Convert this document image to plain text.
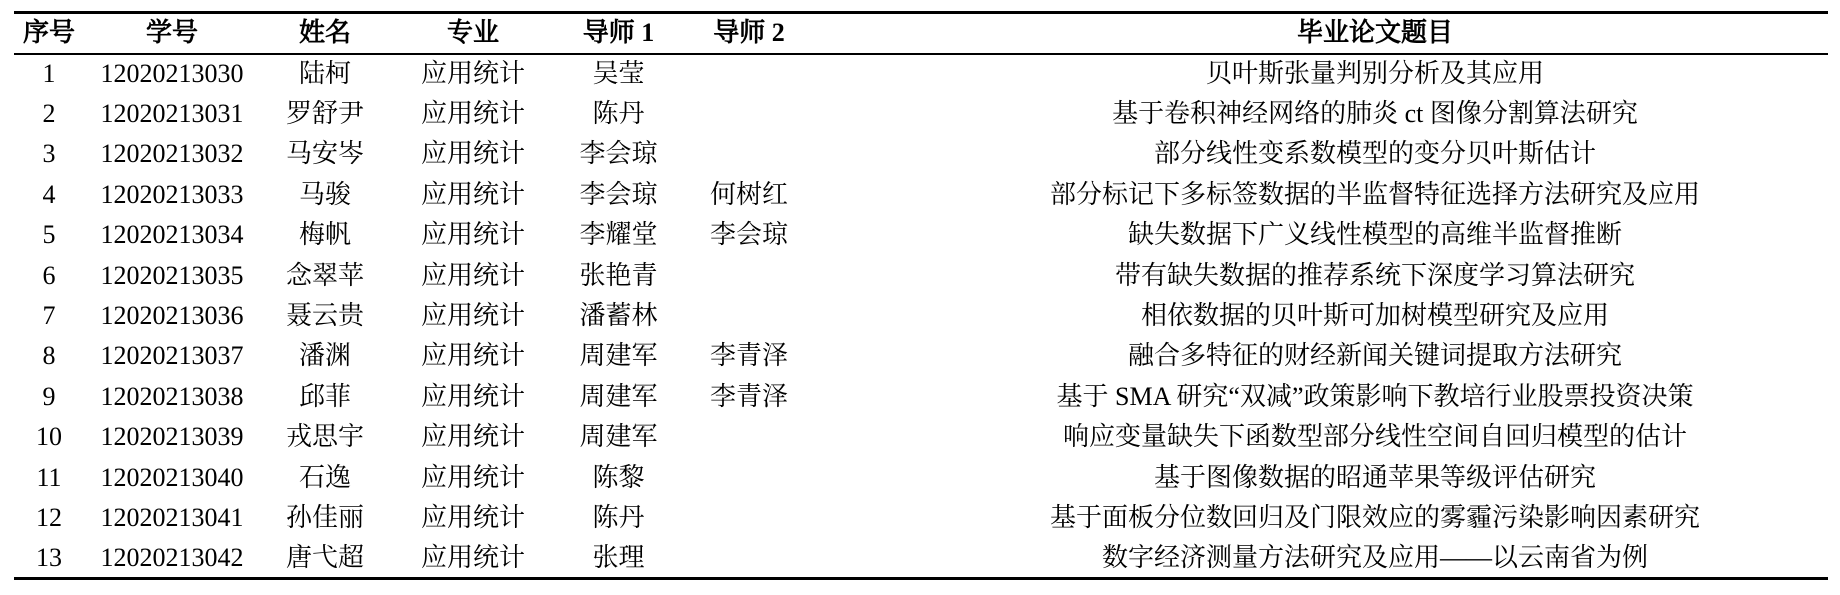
序号	学号	姓名	专业	导师 1	导师 2	毕业论文题目
1	12020213030	陆柯	应用统计	吴莹		贝叶斯张量判别分析及其应用
2	12020213031	罗舒尹	应用统计	陈丹		基于卷积神经网络的肺炎 ct 图像分割算法研究
3	12020213032	马安岑	应用统计	李会琼		部分线性变系数模型的变分贝叶斯估计
4	12020213033	马骏	应用统计	李会琼	何树红	部分标记下多标签数据的半监督特征选择方法研究及应用
5	12020213034	梅帆	应用统计	李耀堂	李会琼	缺失数据下广义线性模型的高维半监督推断
6	12020213035	念翠苹	应用统计	张艳青		带有缺失数据的推荐系统下深度学习算法研究
7	12020213036	聂云贵	应用统计	潘蓄林		相依数据的贝叶斯可加树模型研究及应用
8	12020213037	潘渊	应用统计	周建军	李青泽	融合多特征的财经新闻关键词提取方法研究
9	12020213038	邱菲	应用统计	周建军	李青泽	基于 SMA 研究“双减”政策影响下教培行业股票投资决策
10	12020213039	戎思宇	应用统计	周建军		响应变量缺失下函数型部分线性空间自回归模型的估计
11	12020213040	石逸	应用统计	陈黎		基于图像数据的昭通苹果等级评估研究
12	12020213041	孙佳丽	应用统计	陈丹		基于面板分位数回归及门限效应的雾霾污染影响因素研究
13	12020213042	唐弋超	应用统计	张理		数字经济测量方法研究及应用——以云南省为例
